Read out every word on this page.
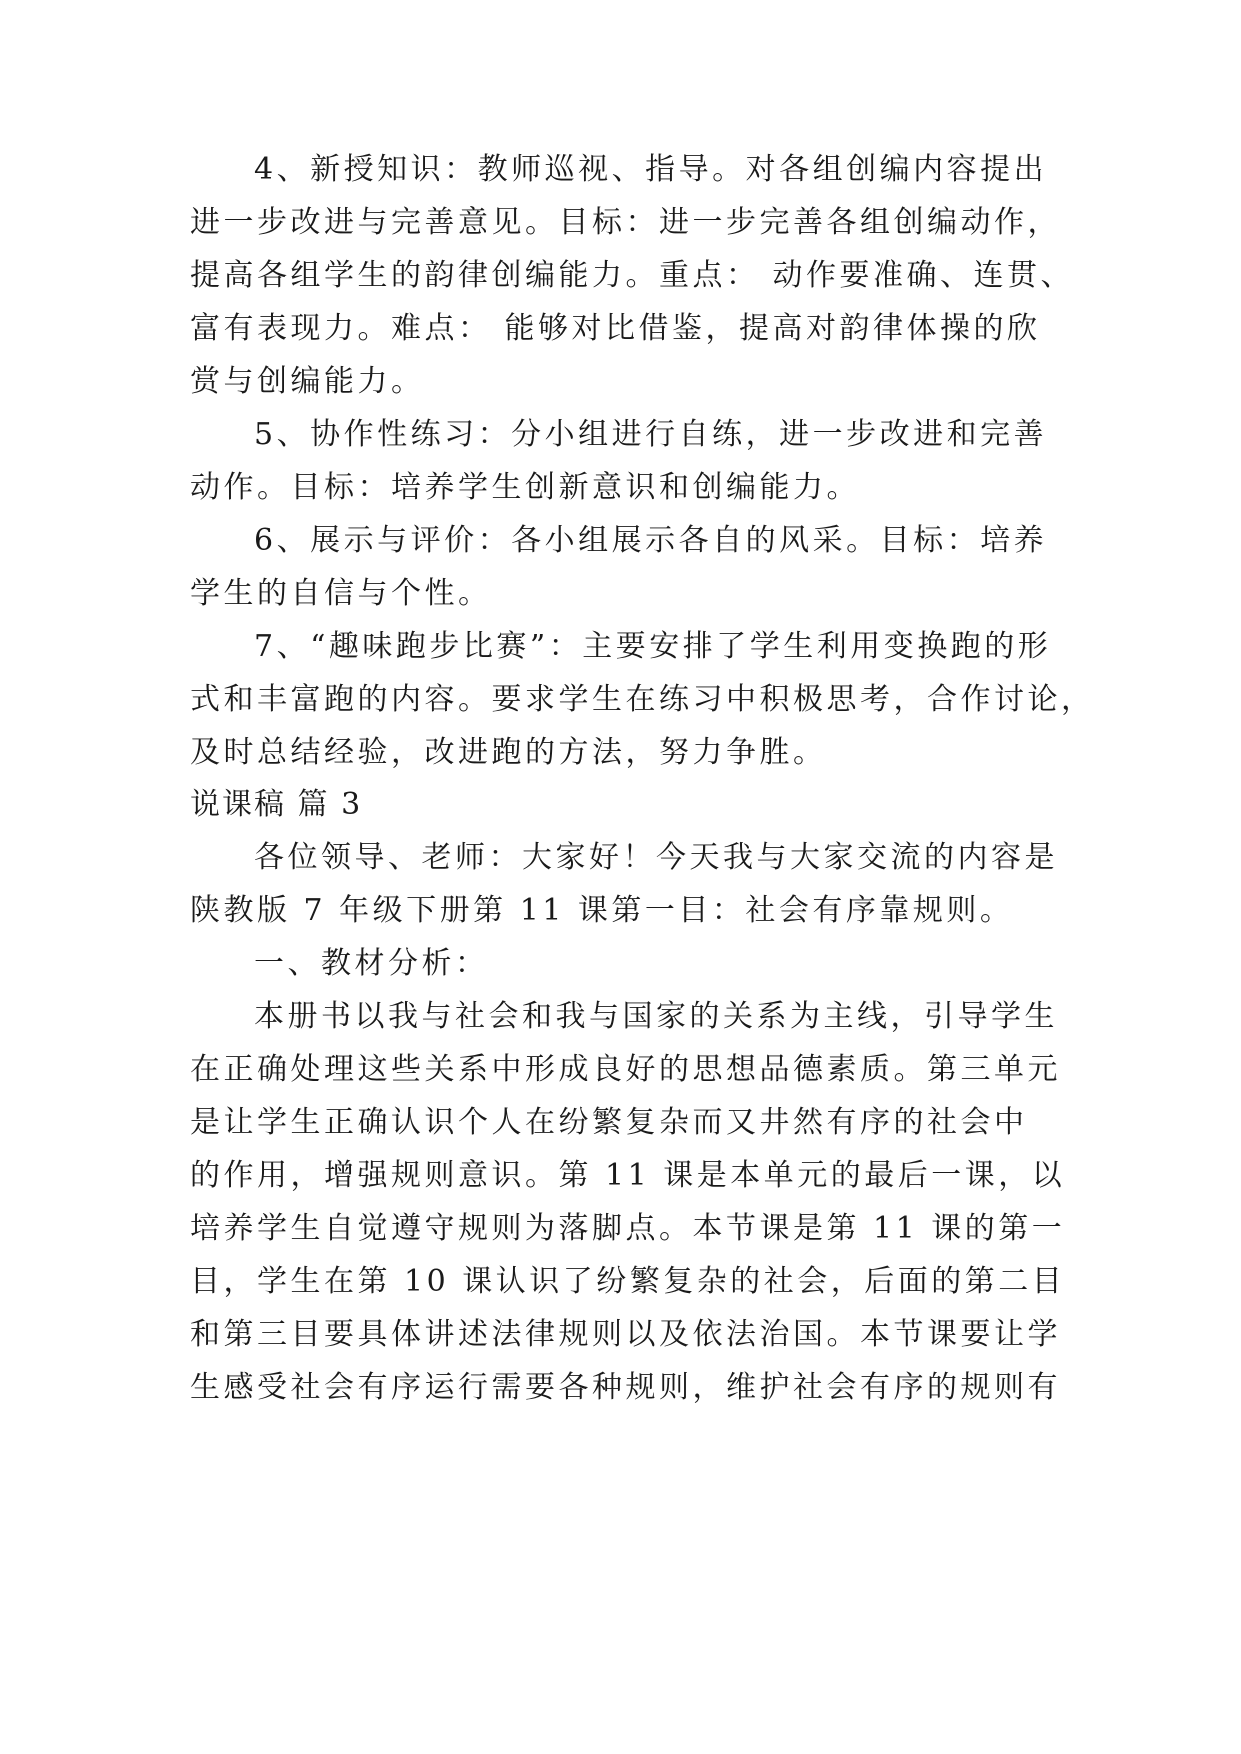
4、新授知识：教师巡视、指导。对各组创编内容提出
进一步改进与完善意见。目标：进一步完善各组创编动作，
提高各组学生的韵律创编能力。重点： 动作要准确、连贯、
富有表现力。难点： 能够对比借鉴，提高对韵律体操的欣
赏与创编能力。
5、协作性练习：分小组进行自练，进一步改进和完善
动作。目标：培养学生创新意识和创编能力。
6、展示与评价：各小组展示各自的风采。目标：培养
学生的自信与个性。
7、“趣味跑步比赛”：主要安排了学生利用变换跑的形
式和丰富跑的内容。要求学生在练习中积极思考，合作讨论，
及时总结经验，改进跑的方法，努力争胜。
说课稿 篇 3
各位领导、老师：大家好！今天我与大家交流的内容是
陕教版 7 年级下册第 11 课第一目：社会有序靠规则。
一、教材分析：
本册书以我与社会和我与国家的关系为主线，引导学生
在正确处理这些关系中形成良好的思想品德素质。第三单元
是让学生正确认识个人在纷繁复杂而又井然有序的社会中
的作用，增强规则意识。第 11 课是本单元的最后一课，以
培养学生自觉遵守规则为落脚点。本节课是第 11 课的第一
目，学生在第 10 课认识了纷繁复杂的社会，后面的第二目
和第三目要具体讲述法律规则以及依法治国。本节课要让学
生感受社会有序运行需要各种规则，维护社会有序的规则有
